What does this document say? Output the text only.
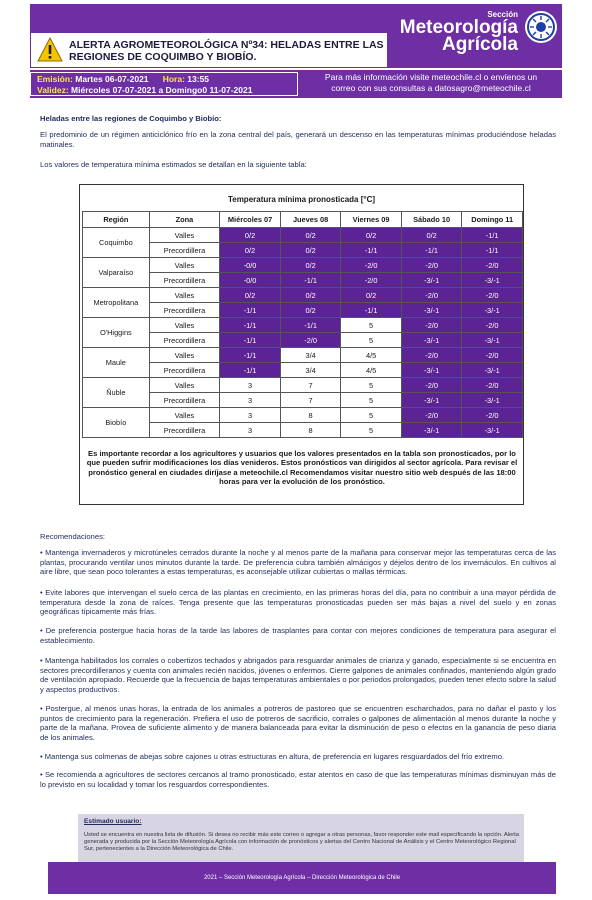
ALERTA AGROMETEOROLÓGICA Nº34: HELADAS ENTRE LAS
REGIONES DE COQUIMBO Y BIOBÍO.
Sección
Meteorología
Agrícola
Emisión: Martes 06-07-2021 Hora: 13:55
Validez: Miércoles 07-07-2021 a Domingo0 11-07-2021
Para más información visite meteochile.cl o envíenos un
correo con sus consultas a datosagro@meteochile.cl
Heladas entre las regiones de Coquimbo y Biobío:
El predominio de un régimen anticiclónico frío en la zona central del país, generará un descenso en las temperaturas mínimas produciéndose heladas matinales.
Los valores de temperatura mínima estimados se detallan en la siguiente tabla:
Temperatura mínima pronosticada [°C]
Región	Zona	Miércoles 07	Jueves 08	Viernes 09	Sábado 10	Domingo 11
Coquimbo	Valles	0/2	0/2	0/2	0/2	-1/1
	Precordillera	0/2	0/2	-1/1	-1/1	-1/1
Valparaíso	Valles	-0/0	0/2	-2/0	-2/0	-2/0
	Precordillera	-0/0	-1/1	-2/0	-3/-1	-3/-1
Metropolitana	Valles	0/2	0/2	0/2	-2/0	-2/0
	Precordillera	-1/1	0/2	-1/1	-3/-1	-3/-1
O'Higgins	Valles	-1/1	-1/1	5	-2/0	-2/0
	Precordillera	-1/1	-2/0	5	-3/-1	-3/-1
Maule	Valles	-1/1	3/4	4/5	-2/0	-2/0
	Precordillera	-1/1	3/4	4/5	-3/-1	-3/-1
Ñuble	Valles	3	7	5	-2/0	-2/0
	Precordillera	3	7	5	-3/-1	-3/-1
Biobío	Valles	3	8	5	-2/0	-2/0
	Precordillera	3	8	5	-3/-1	-3/-1
Es importante recordar a los agricultores y usuarios que los valores presentados en la tabla son pronosticados, por lo que pueden sufrir modificaciones los días venideros. Estos pronósticos van dirigidos al sector agrícola. Para revisar el pronóstico general en ciudades diríjase a meteochile.cl Recomendamos visitar nuestro sitio web después de las 18:00 horas para ver la evolución de los pronóstico.
Recomendaciones:
• Mantenga invernaderos y microtúneles cerrados durante la noche y al menos parte de la mañana para conservar mejor las temperaturas cerca de las plantas, procurando ventilar unos minutos durante la tarde. De preferencia cubra también almácigos y déjelos dentro de los invernáculos. En cultivos al aire libre, que sean poco tolerantes a estas temperaturas, es aconsejable utilizar cubiertas o mallas térmicas.
• Evite labores que intervengan el suelo cerca de las plantas en crecimiento, en las primeras horas del día, para no contribuir a una mayor pérdida de temperatura desde la zona de raíces. Tenga presente que las temperaturas pronosticadas pueden ser más bajas a nivel del suelo y en zonas geográficas típicamente más frías.
• De preferencia postergue hacia horas de la tarde las labores de trasplantes para contar con mejores condiciones de temperatura para asegurar el establecimiento.
• Mantenga habilitados los corrales o cobertizos techados y abrigados para resguardar animales de crianza y ganado, especialmente si se encuentra en sectores precordilleranos y cuenta con animales recién nacidos, jóvenes o enfermos. Cierre galpones de animales confinados, manteniendo algún grado de ventilación apropiado. Recuerde que la frecuencia de bajas temperaturas ambientales o por periodos prolongados, pueden tener efecto sobre la salud y aspectos productivos.
• Postergue, al menos unas horas, la entrada de los animales a potreros de pastoreo que se encuentren escharchados, para no dañar el pasto y los puntos de crecimiento para la regeneración. Prefiera el uso de potreros de sacrificio, corrales o galpones de alimentación al menos durante la noche y parte de la mañana. Provea de suficiente alimento y de manera balanceada para evitar la disminución de peso o efectos en la ganancia de peso diaria de los animales.
• Mantenga sus colmenas de abejas sobre cajones u otras estructuras en altura, de preferencia en lugares resguardados del frío extremo.
• Se recomienda a agricultores de sectores cercanos al tramo pronosticado, estar atentos en caso de que las temperaturas mínimas disminuyan más de lo previsto en su localidad y tomar los resguardos correspondientes.
Estimado usuario:
Usted se encuentra en nuestra lista de difusión. Si desea no recibir más este correo o agregar a otras personas, favor responder este mail especificando la opción. Alerta generada y producida por la Sección Meteorología Agrícola con información de pronósticos y alertas del Centro Nacional de Análisis y el Centro Meteorológico Regional Sur, pertenecientes a la Dirección Meteorológica de Chile.
2021 – Sección Meteorología Agrícola – Dirección Meteorológica de Chile
